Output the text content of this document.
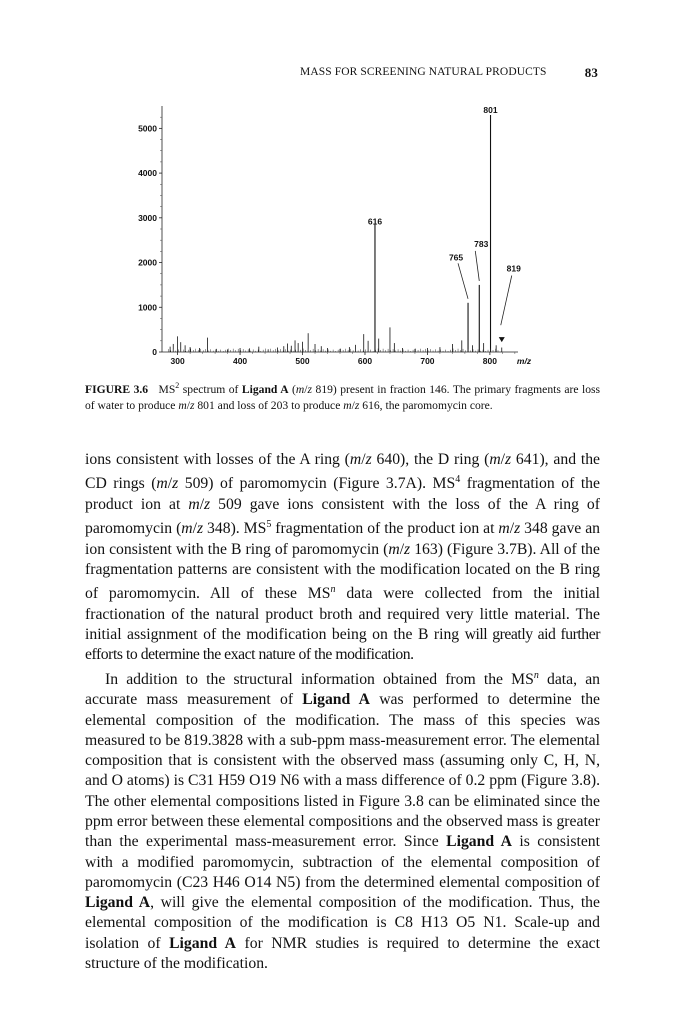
MASS FOR SCREENING NATURAL PRODUCTS	83
0
1000
2000
3000
4000
5000
300	400	500	600	700	800 m/z
801
616
783
765
819
FIGURE 3.6 $MS^2$ spectrum of Ligand A (m/z 819) present in fraction 146. The primary fragments are loss of water to produce m/z 801 and loss of 203 to produce m/z 616, the paromomycin core.

ions consistent with losses of the A ring (m/z 640), the D ring (m/z 641), and the CD rings (m/z 509) of paromomycin (Figure 3.7A). $MS^4$ fragmentation of the product ion at m/z 509 gave ions consistent with the loss of the A ring of paromomycin (m/z 348). $MS^5$ fragmentation of the product ion at m/z 348 gave an ion consistent with the B ring of paromomycin (m/z 163) (Figure 3.7B). All of the fragmentation patterns are consistent with the modification located on the B ring of paromomycin. All of these $MS^n$ data were collected from the initial fractionation of the natural product broth and required very little material. The initial assignment of the modification being on the B ring will greatly aid further efforts to determine the exact nature of the modification.

In addition to the structural information obtained from the $MS^n$ data, an accurate mass measurement of Ligand A was performed to determine the elemental composition of the modification. The mass of this species was measured to be 819.3828 with a sub-ppm mass-measurement error. The elemental composition that is consistent with the observed mass (assuming only C, H, N, and O atoms) is C31 H59 O19 N6 with a mass difference of 0.2 ppm (Figure 3.8). The other elemental compositions listed in Figure 3.8 can be eliminated since the ppm error between these elemental compositions and the observed mass is greater than the experimental mass-measurement error. Since Ligand A is consistent with a modified paromomycin, subtraction of the elemental composition of paromomycin (C23 H46 O14 N5) from the determined elemental composition of Ligand A, will give the elemental composition of the modification. Thus, the elemental composition of the modification is C8 H13 O5 N1. Scale-up and isolation of Ligand A for NMR studies is required to determine the exact structure of the modification.
